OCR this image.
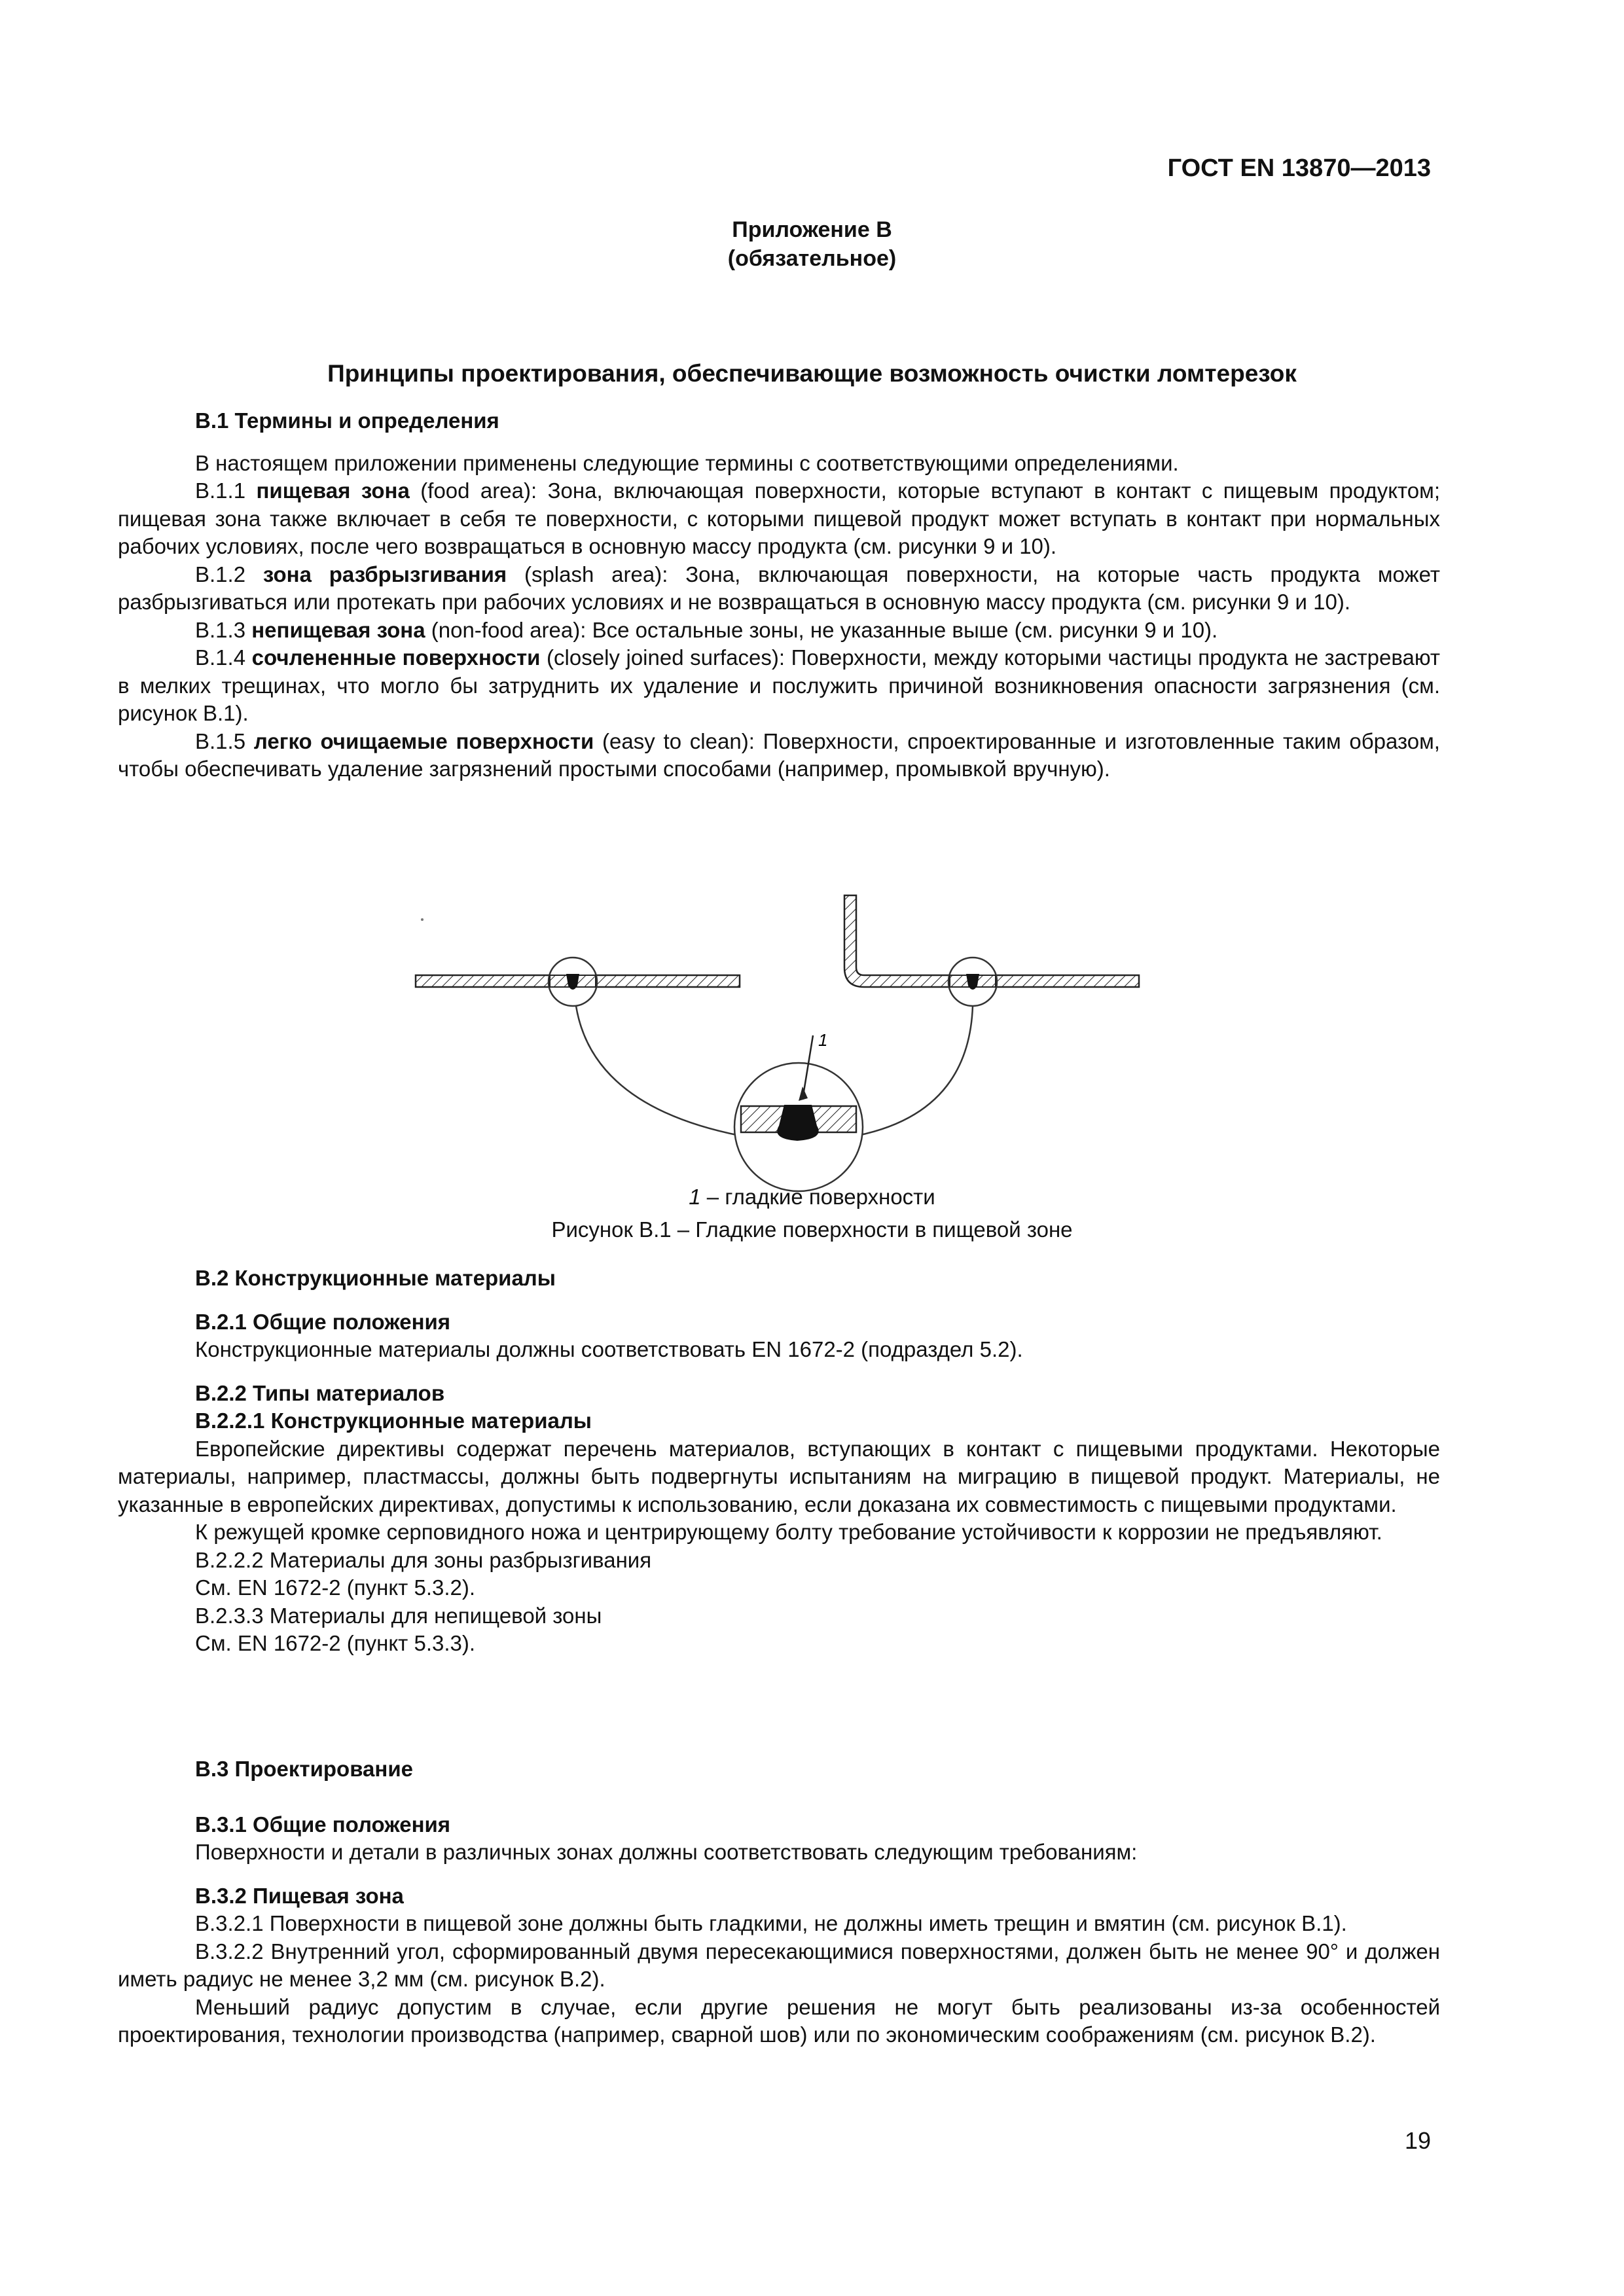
ГОСТ EN 13870—2013
Приложение В
(обязательное)
Принципы проектирования, обеспечивающие возможность очистки ломтерезок

В.1 Термины и определения

В настоящем приложении применены следующие термины с соответствующими определениями.

В.1.1 пищевая зона (food area): Зона, включающая поверхности, которые вступают в контакт с пищевым продуктом; пищевая зона также включает в себя те поверхности, с которыми пищевой продукт может вступать в контакт при нормальных рабочих условиях, после чего возвращаться в основную массу продукта (см. рисунки 9 и 10).

В.1.2 зона разбрызгивания (splash area): Зона, включающая поверхности, на которые часть продукта может разбрызгиваться или протекать при рабочих условиях и не возвращаться в основную массу продукта (см. рисунки 9 и 10).

В.1.3 непищевая зона (non-food area): Все остальные зоны, не указанные выше (см. рисунки 9 и 10).

В.1.4 сочлененные поверхности (closely joined surfaces): Поверхности, между которыми частицы продукта не застревают в мелких трещинах, что могло бы затруднить их удаление и послужить причиной возникновения опасности загрязнения (см. рисунок В.1).

В.1.5 легко очищаемые поверхности (easy to clean): Поверхности, спроектированные и изготовленные таким образом, чтобы обеспечивать удаление загрязнений простыми способами (например, промывкой вручную).

1
1 – гладкие поверхности
Рисунок В.1 – Гладкие поверхности в пищевой зоне

В.2 Конструкционные материалы

В.2.1 Общие положения

Конструкционные материалы должны соответствовать EN 1672-2 (подраздел 5.2).

В.2.2 Типы материалов

В.2.2.1 Конструкционные материалы

Европейские директивы содержат перечень материалов, вступающих в контакт с пищевыми продуктами. Некоторые материалы, например, пластмассы, должны быть подвергнуты испытаниям на миграцию в пищевой продукт. Материалы, не указанные в европейских директивах, допустимы к использованию, если доказана их совместимость с пищевыми продуктами.

К режущей кромке серповидного ножа и центрирующему болту требование устойчивости к коррозии не предъявляют.

В.2.2.2 Материалы для зоны разбрызгивания

См. EN 1672-2 (пункт 5.3.2).

В.2.3.3 Материалы для непищевой зоны

См. EN 1672-2 (пункт 5.3.3).

В.3 Проектирование

В.3.1 Общие положения

Поверхности и детали в различных зонах должны соответствовать следующим требованиям:

В.3.2 Пищевая зона

В.3.2.1 Поверхности в пищевой зоне должны быть гладкими, не должны иметь трещин и вмятин (см. рисунок В.1).

В.3.2.2 Внутренний угол, сформированный двумя пересекающимися поверхностями, должен быть не менее 90° и должен иметь радиус не менее 3,2 мм (см. рисунок В.2).

Меньший радиус допустим в случае, если другие решения не могут быть реализованы из-за особенностей проектирования, технологии производства (например, сварной шов) или по экономическим соображениям (см. рисунок В.2).

19
